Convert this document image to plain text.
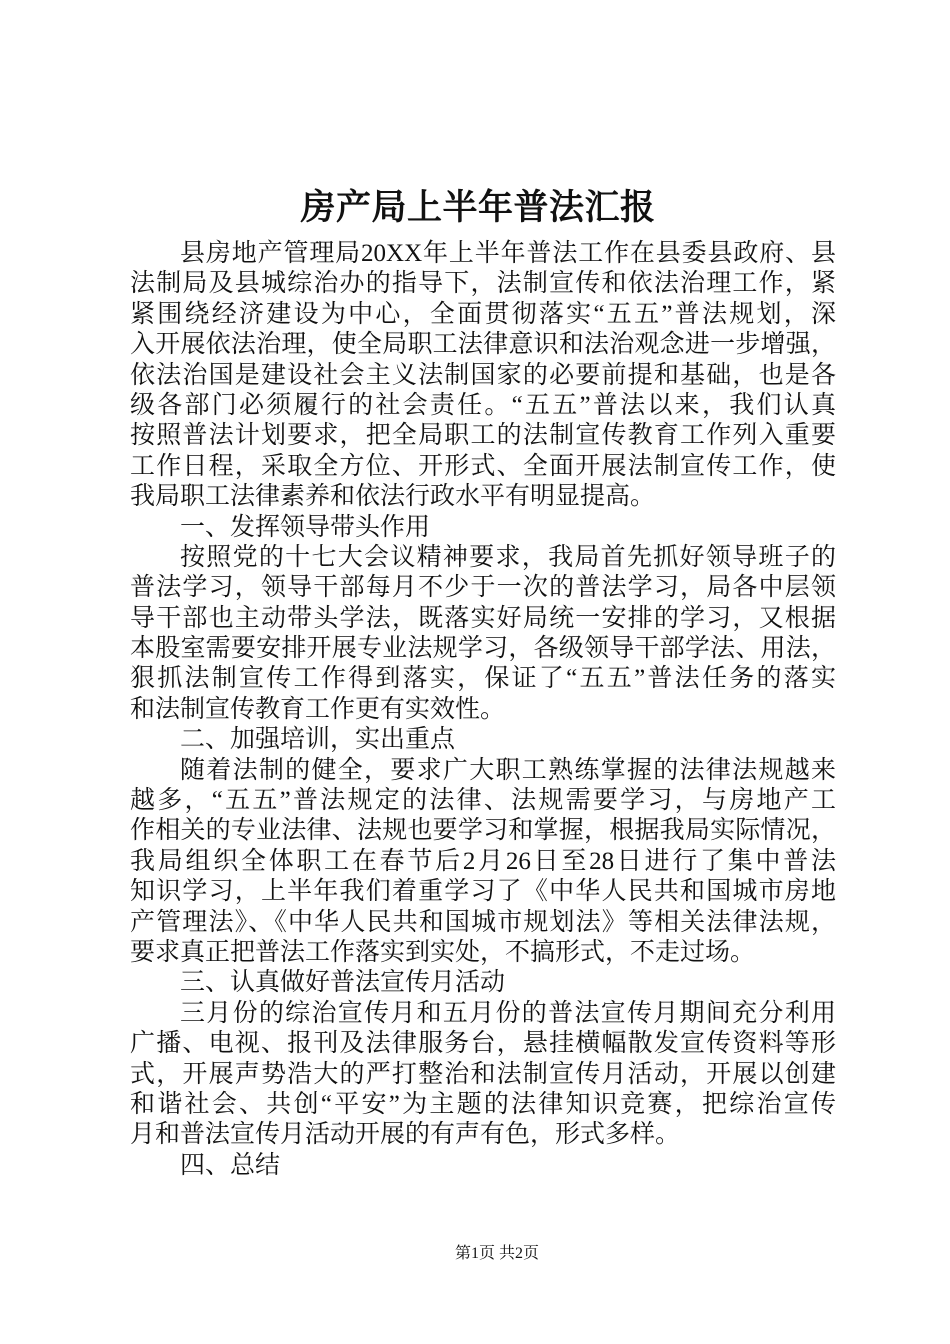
房产局上半年普法汇报
县房地产管理局20XX年上半年普法工作在县委县政府、县
法制局及县城综治办的指导下，法制宣传和依法治理工作，紧
紧围绕经济建设为中心，全面贯彻落实“五五”普法规划，深
入开展依法治理，使全局职工法律意识和法治观念进一步增强，
依法治国是建设社会主义法制国家的必要前提和基础，也是各
级各部门必须履行的社会责任。“五五”普法以来，我们认真
按照普法计划要求，把全局职工的法制宣传教育工作列入重要
工作日程，采取全方位、开形式、全面开展法制宣传工作，使
我局职工法律素养和依法行政水平有明显提高。
一、发挥领导带头作用
按照党的十七大会议精神要求，我局首先抓好领导班子的
普法学习，领导干部每月不少于一次的普法学习，局各中层领
导干部也主动带头学法，既落实好局统一安排的学习，又根据
本股室需要安排开展专业法规学习，各级领导干部学法、用法，
狠抓法制宣传工作得到落实，保证了“五五”普法任务的落实
和法制宣传教育工作更有实效性。
二、加强培训，实出重点
随着法制的健全，要求广大职工熟练掌握的法律法规越来
越多，“五五”普法规定的法律、法规需要学习，与房地产工
作相关的专业法律、法规也要学习和掌握，根据我局实际情况，
我局组织全体职工在春节后2月26日至28日进行了集中普法
知识学习，上半年我们着重学习了《中华人民共和国城市房地
产管理法》、《中华人民共和国城市规划法》等相关法律法规，
要求真正把普法工作落实到实处，不搞形式，不走过场。
三、认真做好普法宣传月活动
三月份的综治宣传月和五月份的普法宣传月期间充分利用
广播、电视、报刊及法律服务台，悬挂横幅散发宣传资料等形
式，开展声势浩大的严打整治和法制宣传月活动，开展以创建
和谐社会、共创“平安”为主题的法律知识竞赛，把综治宣传
月和普法宣传月活动开展的有声有色，形式多样。
四、总结
第1页 共2页
